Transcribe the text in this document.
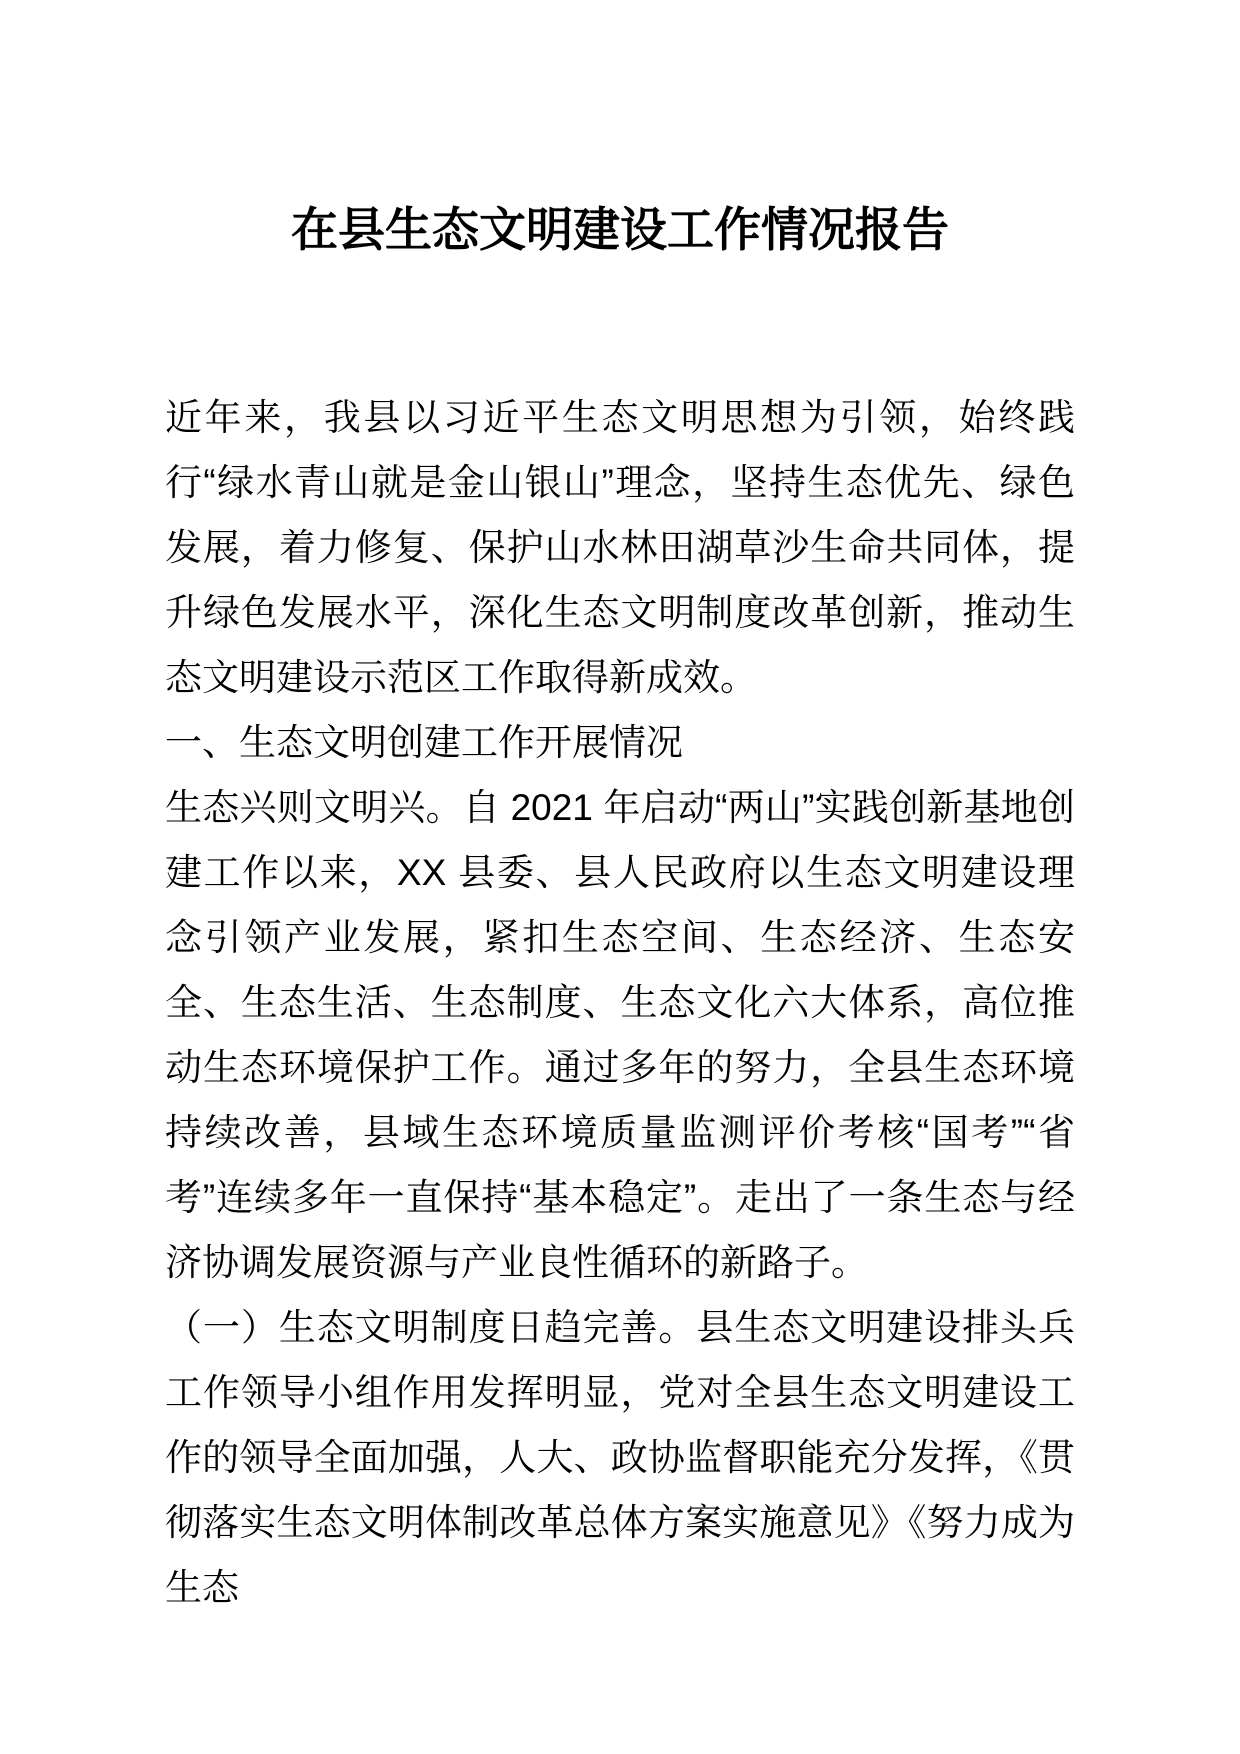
在县生态文明建设工作情况报告

近年来，我县以习近平生态文明思想为引领，始终践行“绿水青山就是金山银山”理念，坚持生态优先、绿色发展，着力修复、保护山水林田湖草沙生命共同体，提升绿色发展水平，深化生态文明制度改革创新，推动生态文明建设示范区工作取得新成效。

一、生态文明创建工作开展情况

生态兴则文明兴。自 2021 年启动“两山”实践创新基地创建工作以来，XX 县委、县人民政府以生态文明建设理念引领产业发展，紧扣生态空间、生态经济、生态安全、生态生活、生态制度、生态文化六大体系，高位推动生态环境保护工作。通过多年的努力，全县生态环境持续改善，县域生态环境质量监测评价考核“国考”“省考”连续多年一直保持“基本稳定”。走出了一条生态与经济协调发展资源与产业良性循环的新路子。

（一）生态文明制度日趋完善。县生态文明建设排头兵工作领导小组作用发挥明显，党对全县生态文明建设工作的领导全面加强，人大、政协监督职能充分发挥，《贯彻落实生态文明体制改革总体方案实施意见》《努力成为生态
